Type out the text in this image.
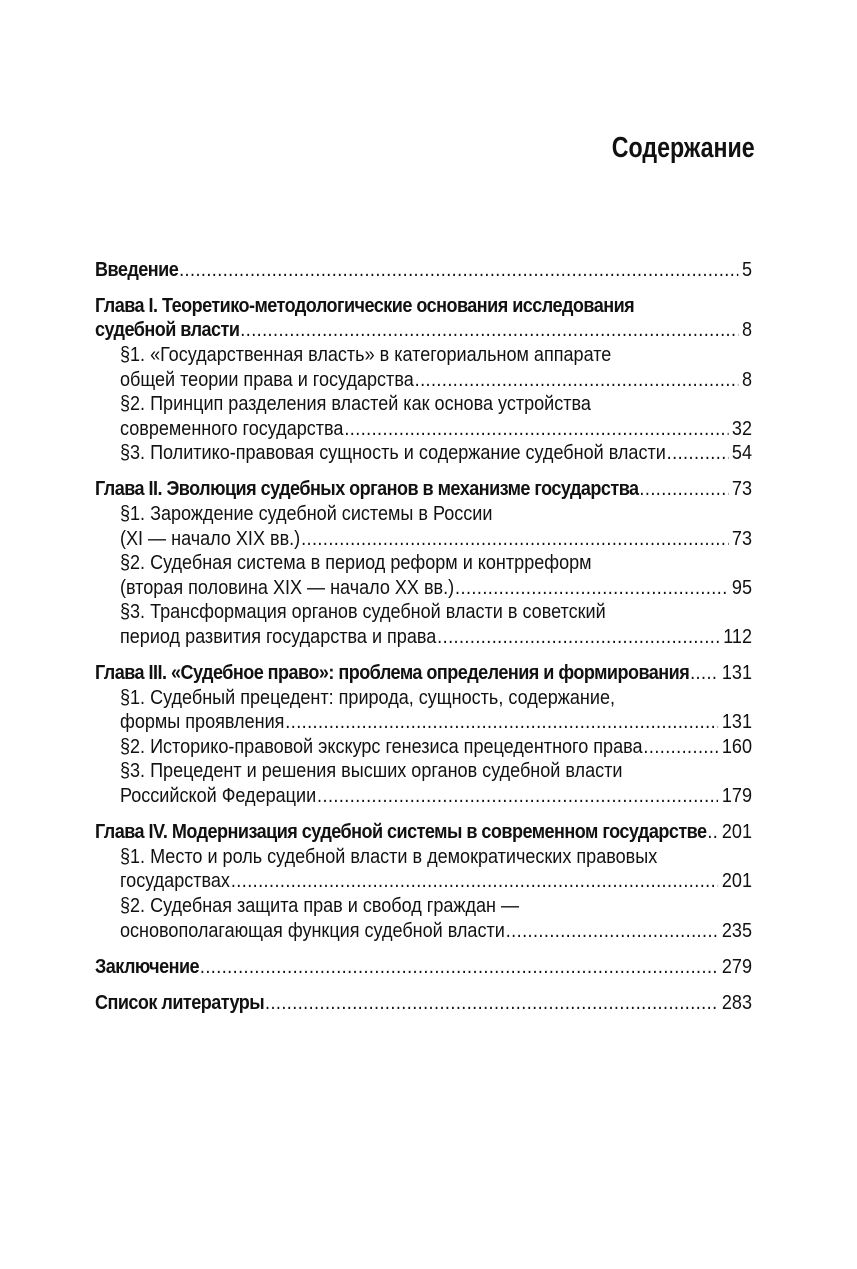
Содержание
Введение .....	5
Глава I. Теоретико-методологические основания исследования
судебной власти .....	8
§1. «Государственная власть» в категориальном аппарате
общей теории права и государства .....	8
§2. Принцип разделения властей как основа устройства
современного государства .....	32
§3. Политико-правовая сущность и содержание судебной власти .....	54
Глава II. Эволюция судебных органов в механизме государства .....	73
§1. Зарождение судебной системы в России
(XI — начало XIX вв.) .....	73
§2. Судебная система в период реформ и контрреформ
(вторая половина XIX — начало XX вв.) .....	95
§3. Трансформация органов судебной власти в советский
период развития государства и права .....	112
Глава III. «Судебное право»: проблема определения и формирования ..... 131
§1. Судебный прецедент: природа, сущность, содержание,
формы проявления .....	131
§2. Историко-правовой экскурс генезиса прецедентного права .....	160
§3. Прецедент и решения высших органов судебной власти
Российской Федерации .....	179
Глава IV. Модернизация судебной системы в современном государстве ..... 201
§1. Место и роль судебной власти в демократических правовых
государствах .....	201
§2. Судебная защита прав и свобод граждан —
основополагающая функция судебной власти .....	235
Заключение .....	279
Список литературы .....	283
